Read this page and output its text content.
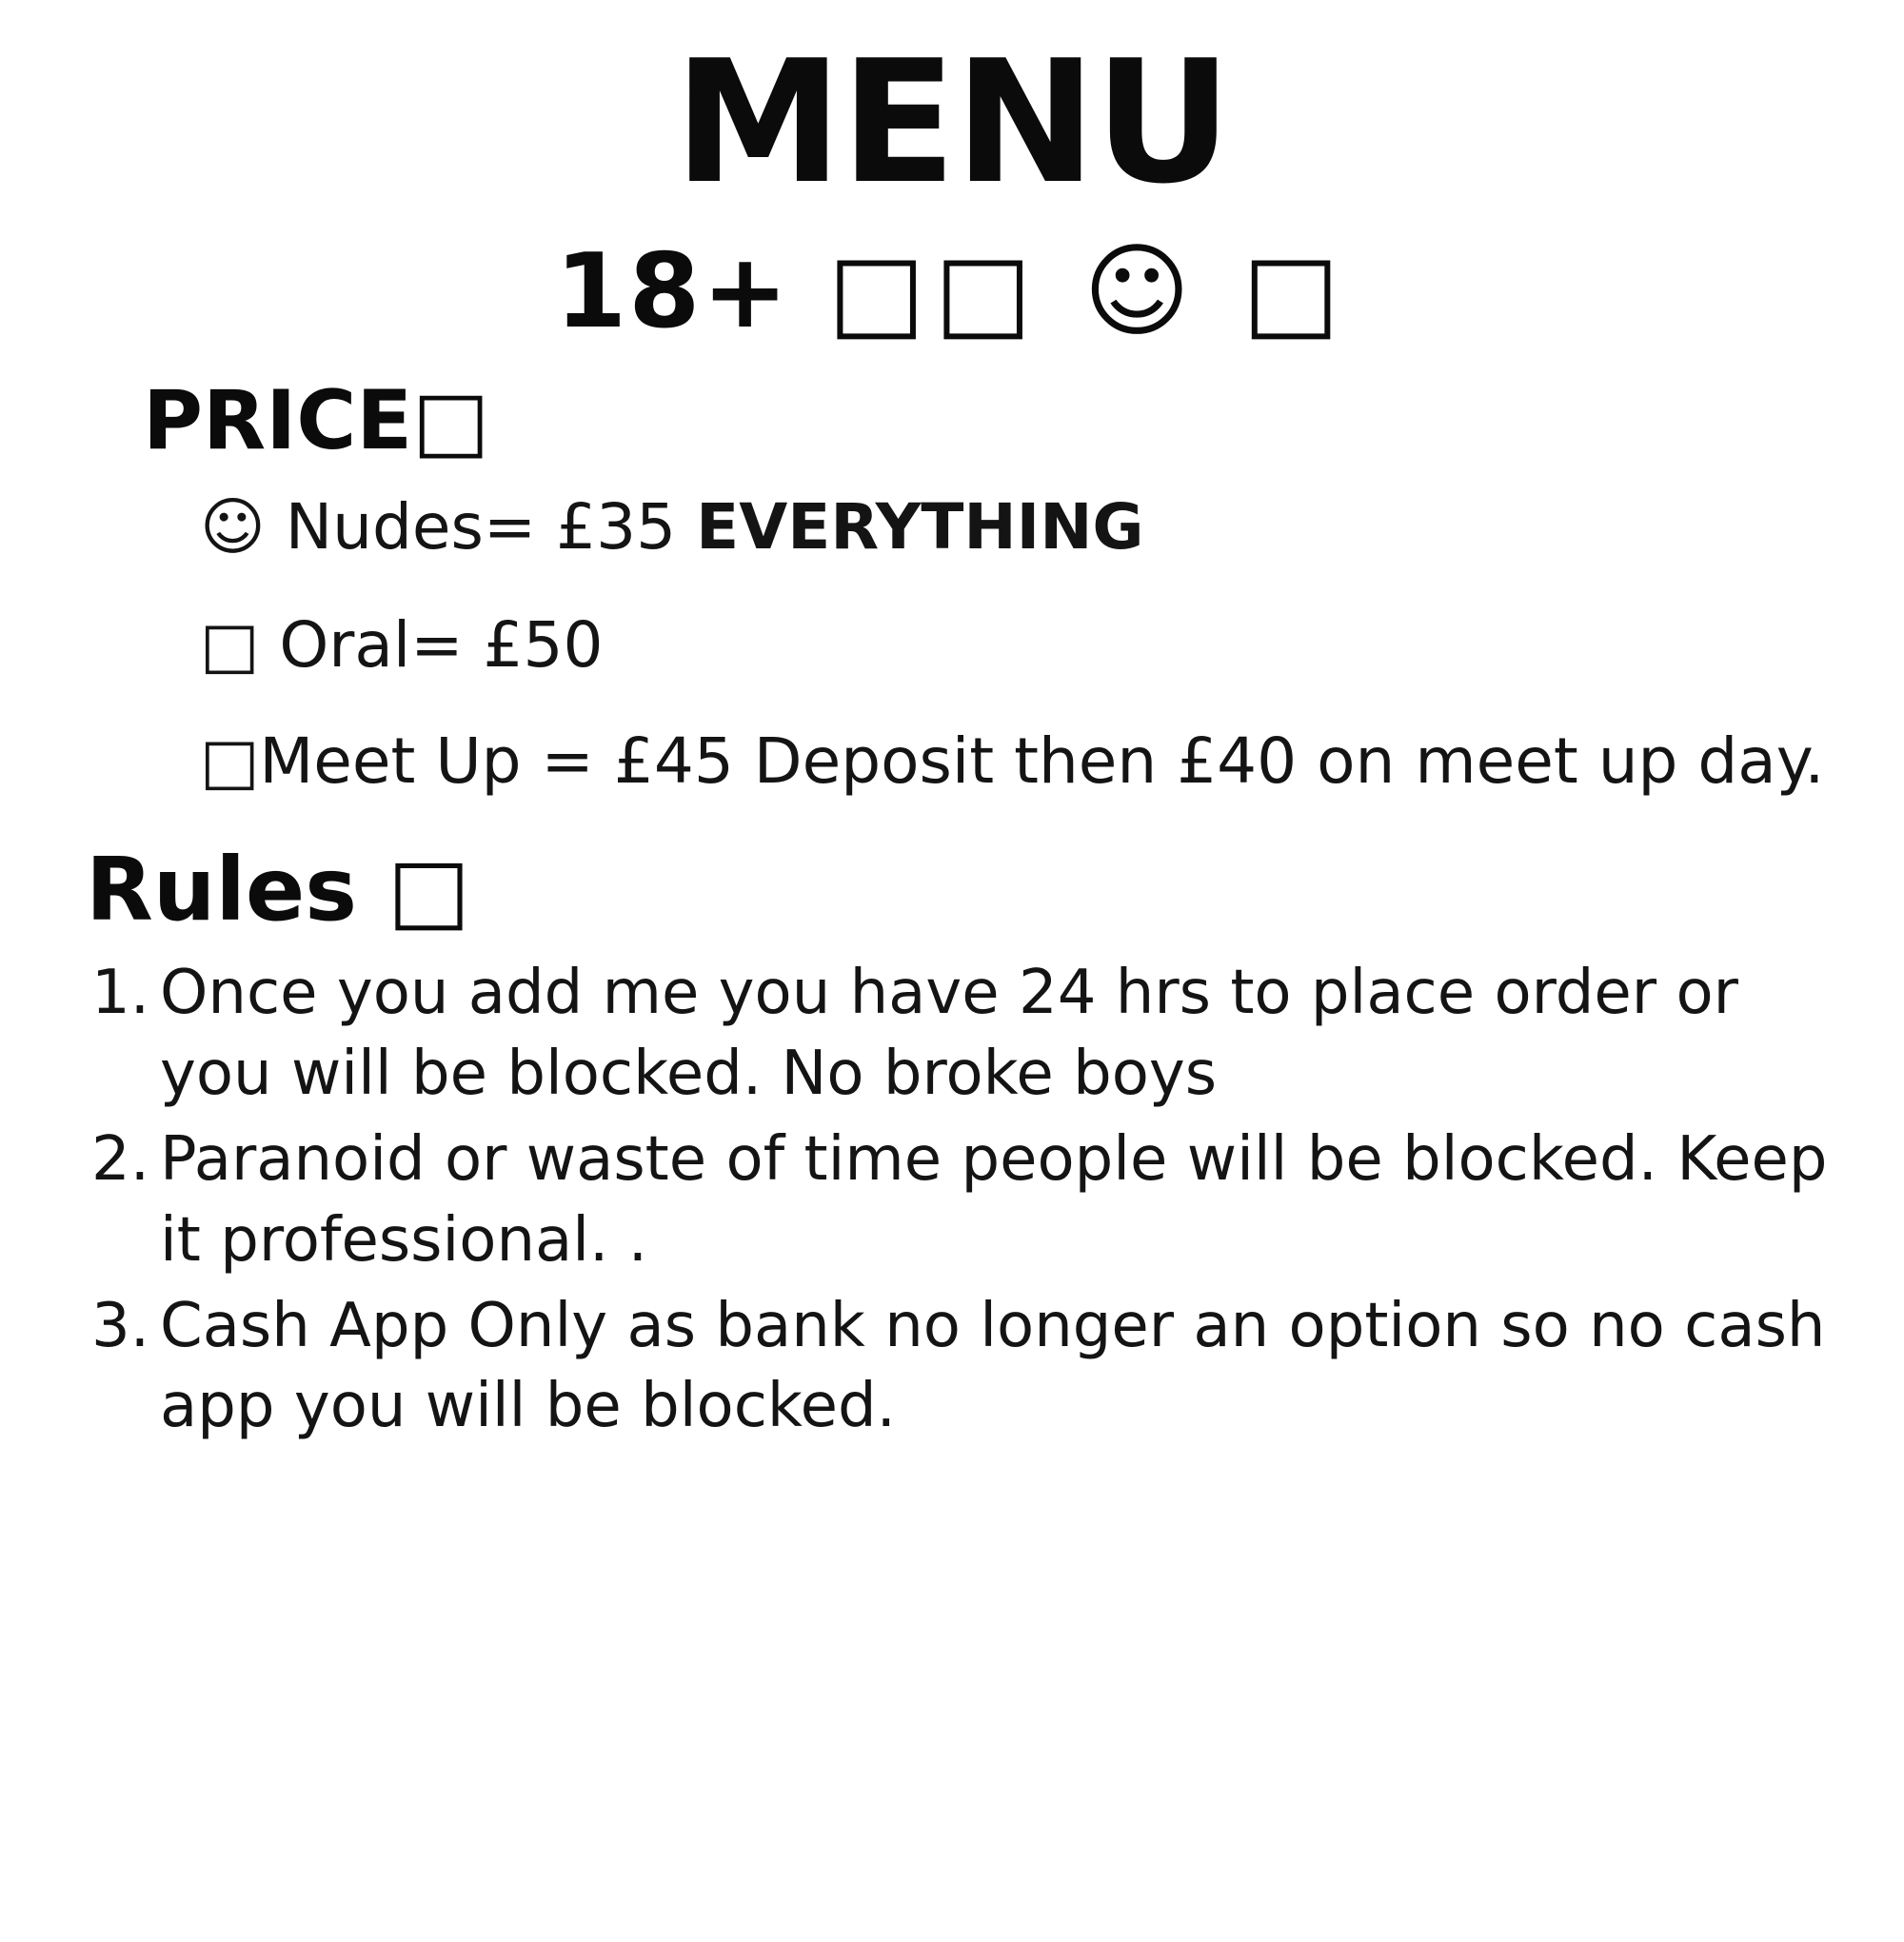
MENU
18+ □□ ☺ □
PRICE□
☺ Nudes= £35 EVERYTHING
□ Oral= £50
□Meet Up = £45 Deposit then £40 on meet up day.
Rules □
Once you add me you have 24 hrs to place order or you will be blocked. No broke boys
Paranoid or waste of time people will be blocked. Keep it professional. .
Cash App Only as bank no longer an option so no cash app you will be blocked.
